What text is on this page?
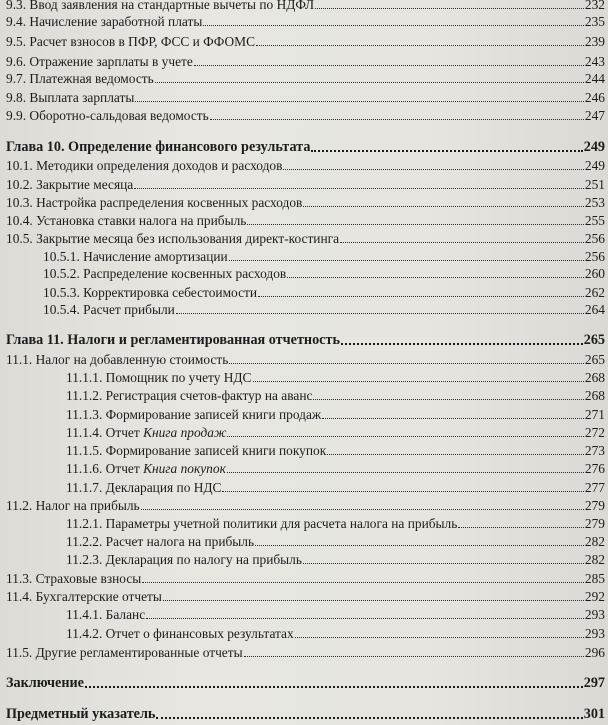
9.3. Ввод заявления на стандартные вычеты по НДФЛ	232
9.4. Начисление заработной платы	235
9.5. Расчет взносов в ПФР, ФСС и ФФОМС	239
9.6. Отражение зарплаты в учете	243
9.7. Платежная ведомость	244
9.8. Выплата зарплаты	246
9.9. Оборотно-сальдовая ведомость	247
Глава 10. Определение финансового результата	249
10.1. Методики определения доходов и расходов	249
10.2. Закрытие месяца	251
10.3. Настройка распределения косвенных расходов	253
10.4. Установка ставки налога на прибыль	255
10.5. Закрытие месяца без использования директ-костинга	256
10.5.1. Начисление амортизации	256
10.5.2. Распределение косвенных расходов	260
10.5.3. Корректировка себестоимости	262
10.5.4. Расчет прибыли	264
Глава 11. Налоги и регламентированная отчетность	265
11.1. Налог на добавленную стоимость	265
11.1.1. Помощник по учету НДС	268
11.1.2. Регистрация счетов-фактур на аванс	268
11.1.3. Формирование записей книги продаж	271
11.1.4. Отчет Книга продаж	272
11.1.5. Формирование записей книги покупок	273
11.1.6. Отчет Книга покупок	276
11.1.7. Декларация по НДС	277
11.2. Налог на прибыль	279
11.2.1. Параметры учетной политики для расчета налога на прибыль	279
11.2.2. Расчет налога на прибыль	282
11.2.3. Декларация по налогу на прибыль	282
11.3. Страховые взносы	285
11.4. Бухгалтерские отчеты	292
11.4.1. Баланс	293
11.4.2. Отчет о финансовых результатах	293
11.5. Другие регламентированные отчеты	296
Заключение	297
Предметный указатель	301
